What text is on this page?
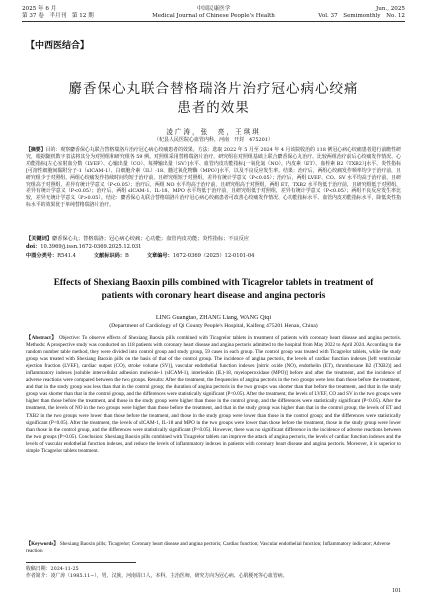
2025 年 6 月
第 37 卷　半月刊　第 12 期
中国民康医学
Medical Journal of Chinese People's Health
Jun., 2025
Vol. 37　Semimonthly　No. 12
【中西医结合】
麝香保心丸联合替格瑞洛片治疗冠心病心绞痛
患者的效果
凌广涛，张　亮，王琪琪
（杞县人民医院心血管内科，河南　开封　475201）
【摘要】目的：观察麝香保心丸联合替格瑞洛片治疗冠心病心绞痛患者的效果。方法：选取 2022 年 5 月至 2024 年 4 月该院收治的 118 例冠心病心绞痛患者进行前瞻性研究，根据随机数字表法将其分为对照组和研究组各 59 例。对照组采用替格瑞洛片治疗，研究组在对照组基础上联合麝香保心丸治疗。比较两组治疗前后心绞痛发作情况、心功能指标[左心室射血分数（LVEF）、心输出量（CO）、每搏输出量（SV）]水平、血管内皮功能指标[一氧化氮（NO）、内皮素（ET）、血栓素 B2（TXB2）]水平、炎性指标[可溶性细胞间黏附分子-1（sICAM-1）、白细胞介素（IL）-18、髓过氧化物酶（MPO）]水平，以及不良反应发生率。结果：治疗后，两组心绞痛发作频率均少于治疗前，且研究组少于对照组，两组心绞痛发作持续时间均短于治疗前，且研究组短于对照组，差异有统计学意义（P<0.05）；治疗后，两组 LVEF、CO、SV 水平均高于治疗前，且研究组高于对照组，差异有统计学意义（P<0.05）；治疗后，两组 NO 水平均高于治疗前，且研究组高于对照组，两组 ET、TXB2 水平均低于治疗前，且研究组低于对照组，差异有统计学意义（P<0.05）；治疗后，两组 sICAM-1、IL-18、MPO 水平均低于治疗前，且研究组低于对照组，差异有统计学意义（P<0.05）；两组不良反应发生率比较，差异无统计学意义（P>0.05）。结论：麝香保心丸联合替格瑞洛片治疗冠心病心绞痛患者可改善心绞痛发作情况、心功能指标水平、血管内皮功能指标水平，降低炎性指标水平的效果优于单纯替格瑞洛片治疗。
【关键词】麝香保心丸；替格瑞洛；冠心病心绞痛；心功能；血管内皮功能；炎性指标；不良反应
doi：10.3969/j.issn.1672-0369.2025.12.031
中图分类号：R541.4	文献标识码：B	文章编号：1672-0369（2025）12-0101-04
Effects of Shexiang Baoxin pills combined with Ticagrelor tablets in treatment of
patients with coronary heart disease and angina pectoris
LING Guangtao, ZHANG Liang, WANG Qiqi
(Department of Cardiology of Qi County People's Hospital, Kaifeng 475201 Henan, China)
【Abstract】 Objective: To observe effects of Shexiang Baoxin pills combined with Ticagrelor tablets in treatment of patients with coronary heart disease and angina pectoris. Methods: A prospective study was conducted on 118 patients with coronary heart disease and angina pectoris admitted to the hospital from May 2022 to April 2024. According to the random number table method, they were divided into control group and study group, 59 cases in each group. The control group was treated with Ticagrelor tablets, while the study group was treated with Shexiang Baoxin pills on the basis of that of the control group. The incidence of angina pectoris, the levels of cardiac function indexes [left ventricular ejection fraction (LVEF), cardiac output (CO), stroke volume (SV)], vascular endothelial function indexes [nitric oxide (NO), endothelin (ET), thromboxane B2 (TXB2)] and inflammatory indexes [soluble intercellular adhesion molecule-1 (sICAM-1), interleukin (IL)-18, myeloperoxidase (MPO)] before and after the treatment, and the incidence of adverse reactions were compared between the two groups. Results: After the treatment, the frequencies of angina pectoris in the two groups were less than those before the treatment, and that in the study group was less than that in the control group; the duration of angina pectoris in the two groups was shorter than that before the treatment, and that in the study group was shorter than that in the control group, and the differences were statistically significant (P<0.05). After the treatment, the levels of LVEF, CO and SV in the two groups were higher than those before the treatment, and those in the study group were higher than those in the control group, and the differences were statistically significant (P<0.05). After the treatment, the levels of NO in the two groups were higher than those before the treatment, and that in the study group was higher than that in the control group; the levels of ET and TXB2 in the two groups were lower than those before the treatment, and those in the study group were lower than those in the control group; and the differences were statistically significant (P<0.05). After the treatment, the levels of sICAM-1, IL-18 and MPO in the two groups were lower than those before the treatment, those in the study group were lower than those in the control group, and the differences were statistically significant (P<0.05). However, there was no significant difference in the incidence of adverse reactions between the two groups (P>0.05). Conclusion: Shexiang Baoxin pills combined with Ticagrelor tablets can improve the attack of angina pectoris, the levels of cardiac function indexes and the levels of vascular endothelial function indexes, and reduce the levels of inflammatory indexes in patients with coronary heart disease and angina pectoris. Moreover, it is superior to simple Ticagrelor tablets treatment.
【Keywords】 Shexiang Baoxin pills; Ticagrelor; Coronary heart disease and angina pectoris; Cardiac function; Vascular endothelial function; Inflammatory indicator; Adverse reaction
收稿日期：2024-11-25
作者简介：凌广涛（1985.11−），男，汉族，河南周口人，本科，主治医师，研究方向为冠心病、心肌梗死等心血管病。
101
